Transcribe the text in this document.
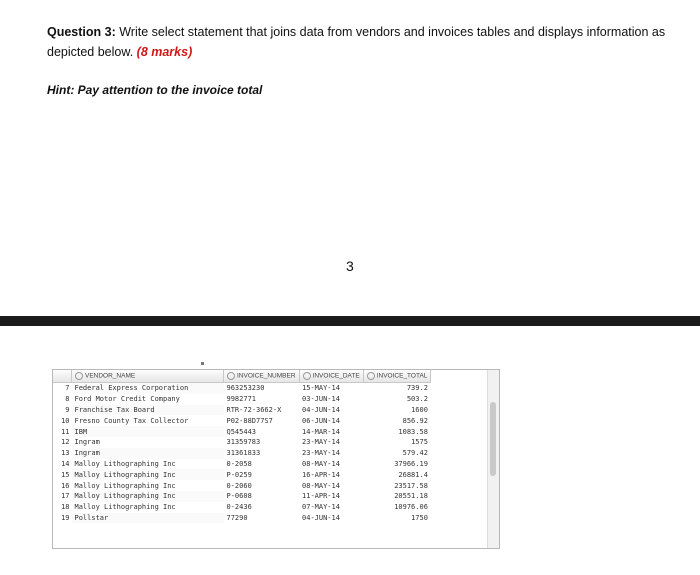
Question 3: Write select statement that joins data from vendors and invoices tables and displays information as depicted below. (8 marks)
Hint: Pay attention to the invoice total
3
	VENDOR_NAME	INVOICE_NUMBER	INVOICE_DATE	INVOICE_TOTAL
7	Federal Express Corporation	963253230	15-MAY-14	739.2
8	Ford Motor Credit Company	9982771	03-JUN-14	503.2
9	Franchise Tax Board	RTR-72-3662-X	04-JUN-14	1600
10	Fresno County Tax Collector	P02-88D77S7	06-JUN-14	856.92
11	IBM	Q545443	14-MAR-14	1083.58
12	Ingram	31359783	23-MAY-14	1575
13	Ingram	31361833	23-MAY-14	579.42
14	Malloy Lithographing Inc	0-2058	08-MAY-14	37966.19
15	Malloy Lithographing Inc	P-0259	16-APR-14	26881.4
16	Malloy Lithographing Inc	0-2060	08-MAY-14	23517.58
17	Malloy Lithographing Inc	P-0608	11-APR-14	20551.18
18	Malloy Lithographing Inc	0-2436	07-MAY-14	10976.06
19	Pollstar	77290	04-JUN-14	1750
